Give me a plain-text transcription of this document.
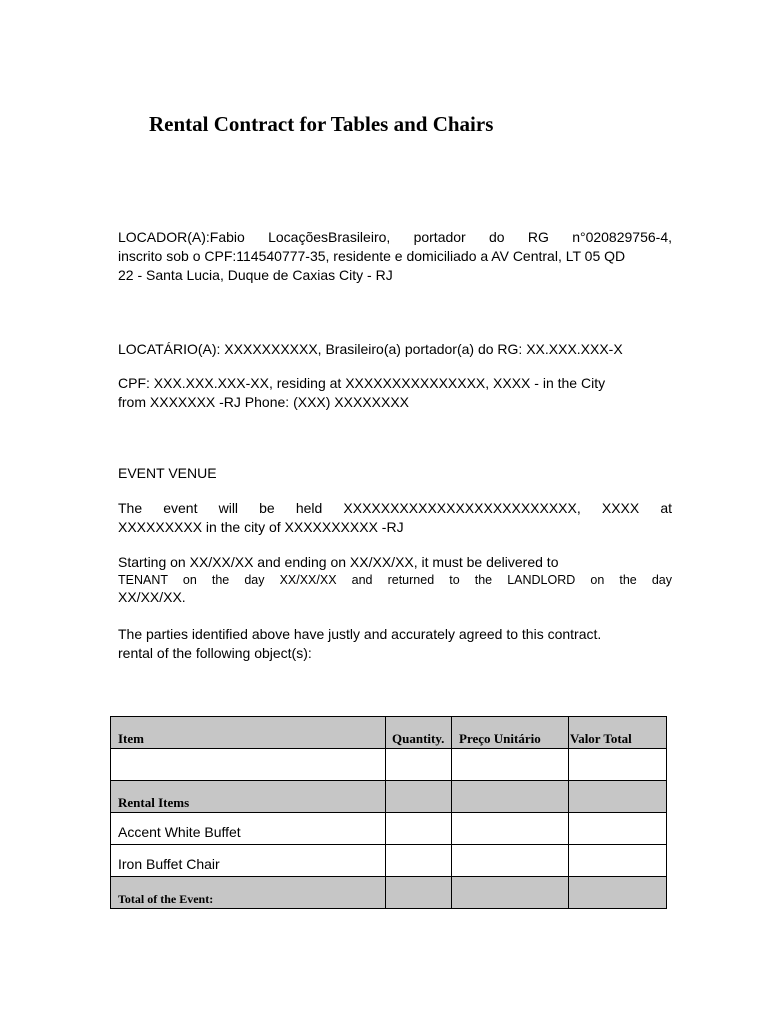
Rental Contract for Tables and Chairs
LOCADOR(A):Fabio LocaçõesBrasileiro, portador do RG n°020829756-4,
inscrito sob o CPF:114540777-35, residente e domiciliado a AV Central, LT 05 QD
22 - Santa Lucia, Duque de Caxias City - RJ
LOCATÁRIO(A): XXXXXXXXXX, Brasileiro(a) portador(a) do RG: XX.XXX.XXX-X
CPF: XXX.XXX.XXX-XX, residing at XXXXXXXXXXXXXXX, XXXX - in the City
from XXXXXXX -RJ Phone: (XXX) XXXXXXXX
EVENT VENUE
The event will be held XXXXXXXXXXXXXXXXXXXXXXXXX, XXXX at
XXXXXXXXX in the city of XXXXXXXXXX -RJ
Starting on XX/XX/XX and ending on XX/XX/XX, it must be delivered to
TENANT on the day XX/XX/XX and returned to the LANDLORD on the day
XX/XX/XX.
The parties identified above have justly and accurately agreed to this contract.
rental of the following object(s):
Item	Quantity.	Preço Unitário	Valor Total

Rental Items			
Accent White Buffet			
Iron Buffet Chair			
Total of the Event:			
